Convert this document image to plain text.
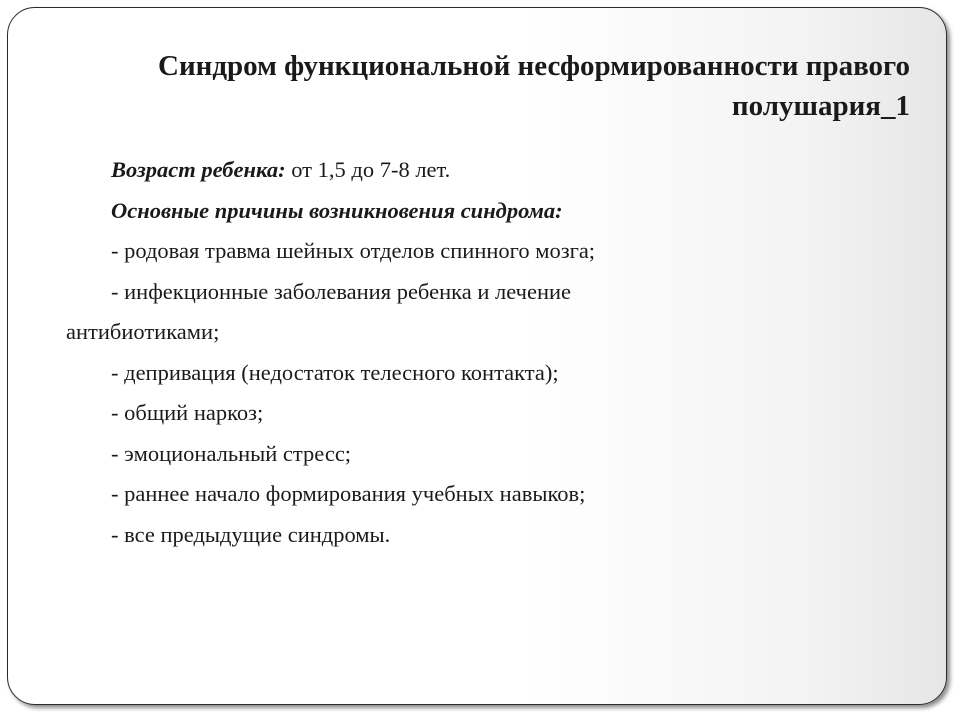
Синдром функциональной несформированности правого
полушария_1

Возраст ребенка: от 1,5 до 7-8 лет.

Основные причины возникновения синдрома:

- родовая травма шейных отделов спинного мозга;

- инфекционные заболевания ребенка и лечение

антибиотиками;

- депривация (недостаток телесного контакта);

- общий наркоз;

- эмоциональный стресс;

- раннее начало формирования учебных навыков;

- все предыдущие синдромы.
